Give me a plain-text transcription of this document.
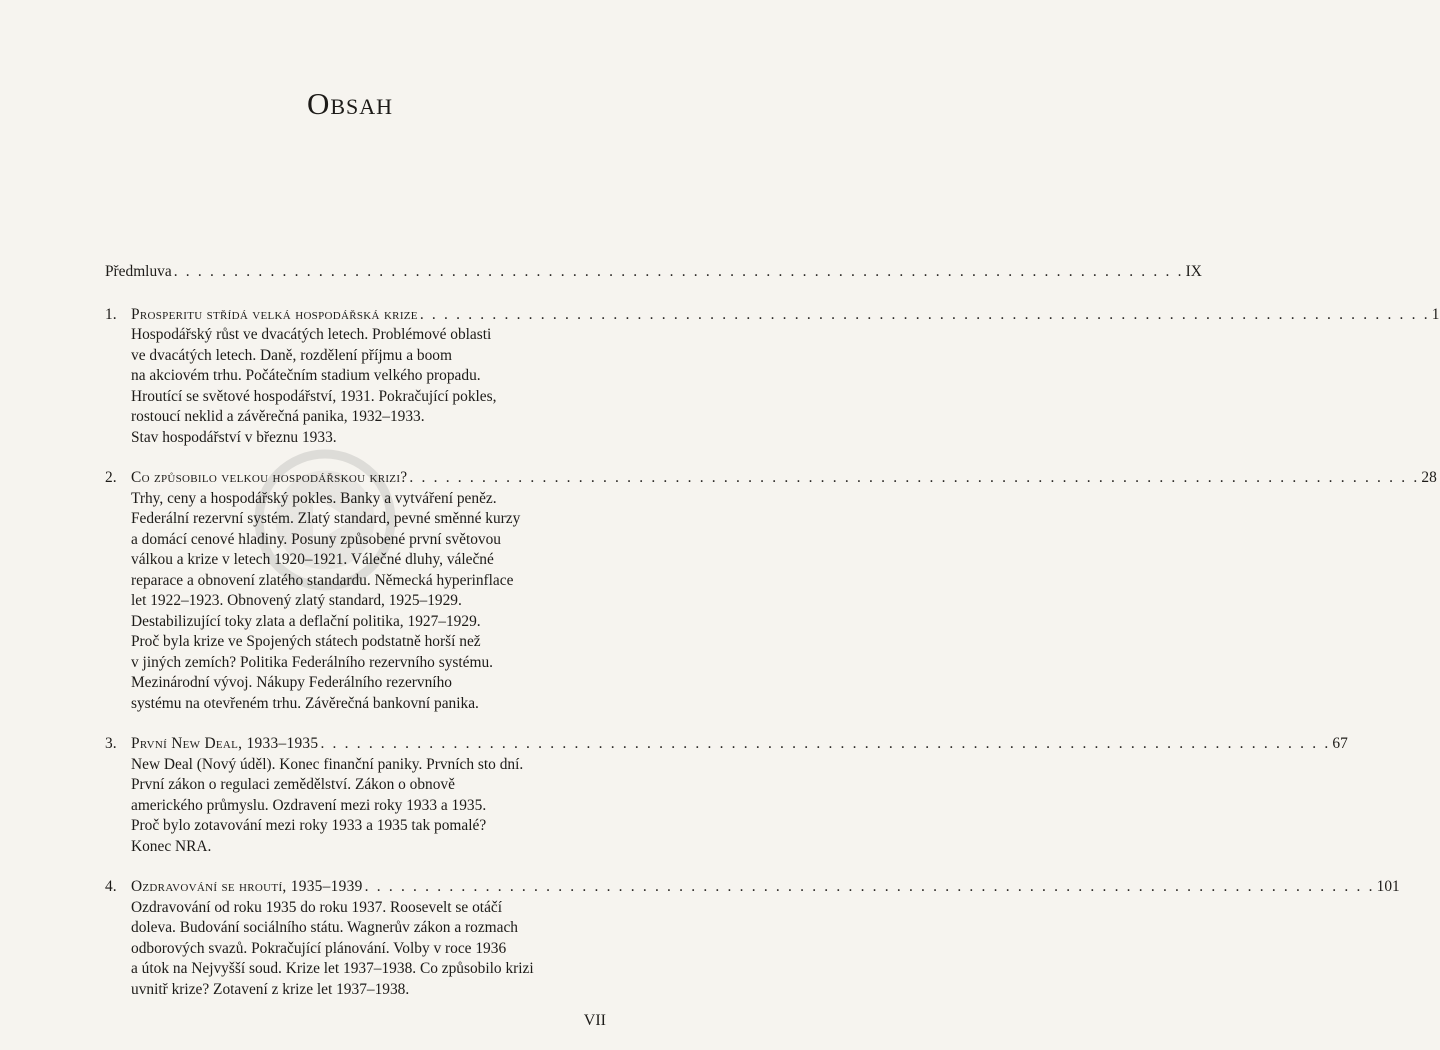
Obsah
Předmluva . . . . . . . . . . . . . . . . . . . . . . . . . . . . . . . . . . . . . . . . . . . . . . . . . . . . . . . . . . . . . . . . . . . . . . . . . . . . . . . . . . . . IX
1. Prosperitu střídá velká hospodářská krize . . . . . . . . . . . . . . . . . . . . . . . . . . . . . . . . . . . . . . . . . . . . . . . . . . . . . . . . . . . . . . . . . . . . . . . . . . . . . . . . . . . . 1
Hospodářský růst ve dvacátých letech. Problémové oblasti
ve dvacátých letech. Daně, rozdělení příjmu a boom
na akciovém trhu. Počátečním stadium velkého propadu.
Hroutící se světové hospodářství, 1931. Pokračující pokles,
rostoucí neklid a závěrečná panika, 1932–1933.
Stav hospodářství v březnu 1933.
2. Co způsobilo velkou hospodářskou krizi? . . . . . . . . . . . . . . . . . . . . . . . . . . . . . . . . . . . . . . . . . . . . . . . . . . . . . . . . . . . . . . . . . . . . . . . . . . . . . . . . . . . . 28
Trhy, ceny a hospodářský pokles. Banky a vytváření peněz.
Federální rezervní systém. Zlatý standard, pevné směnné kurzy
a domácí cenové hladiny. Posuny způsobené první světovou
válkou a krize v letech 1920–1921. Válečné dluhy, válečné
reparace a obnovení zlatého standardu. Německá hyperinflace
let 1922–1923. Obnovený zlatý standard, 1925–1929.
Destabilizující toky zlata a deflační politika, 1927–1929.
Proč byla krize ve Spojených státech podstatně horší než
v jiných zemích? Politika Federálního rezervního systému.
Mezinárodní vývoj. Nákupy Federálního rezervního
systému na otevřeném trhu. Závěrečná bankovní panika.
3. První New Deal, 1933–1935 . . . . . . . . . . . . . . . . . . . . . . . . . . . . . . . . . . . . . . . . . . . . . . . . . . . . . . . . . . . . . . . . . . . . . . . . . . . . . . . . . . . . 67
New Deal (Nový úděl). Konec finanční paniky. Prvních sto dní.
První zákon o regulaci zemědělství. Zákon o obnově
amerického průmyslu. Ozdravení mezi roky 1933 a 1935.
Proč bylo zotavování mezi roky 1933 a 1935 tak pomalé?
Konec NRA.
4. Ozdravování se hroutí, 1935–1939 . . . . . . . . . . . . . . . . . . . . . . . . . . . . . . . . . . . . . . . . . . . . . . . . . . . . . . . . . . . . . . . . . . . . . . . . . . . . . . . . . . . . 101
Ozdravování od roku 1935 do roku 1937. Roosevelt se otáčí
doleva. Budování sociálního státu. Wagnerův zákon a rozmach
odborových svazů. Pokračující plánování. Volby v roce 1936
a útok na Nejvyšší soud. Krize let 1937–1938. Co způsobilo krizi
uvnitř krize? Zotavení z krize let 1937–1938.
VII
